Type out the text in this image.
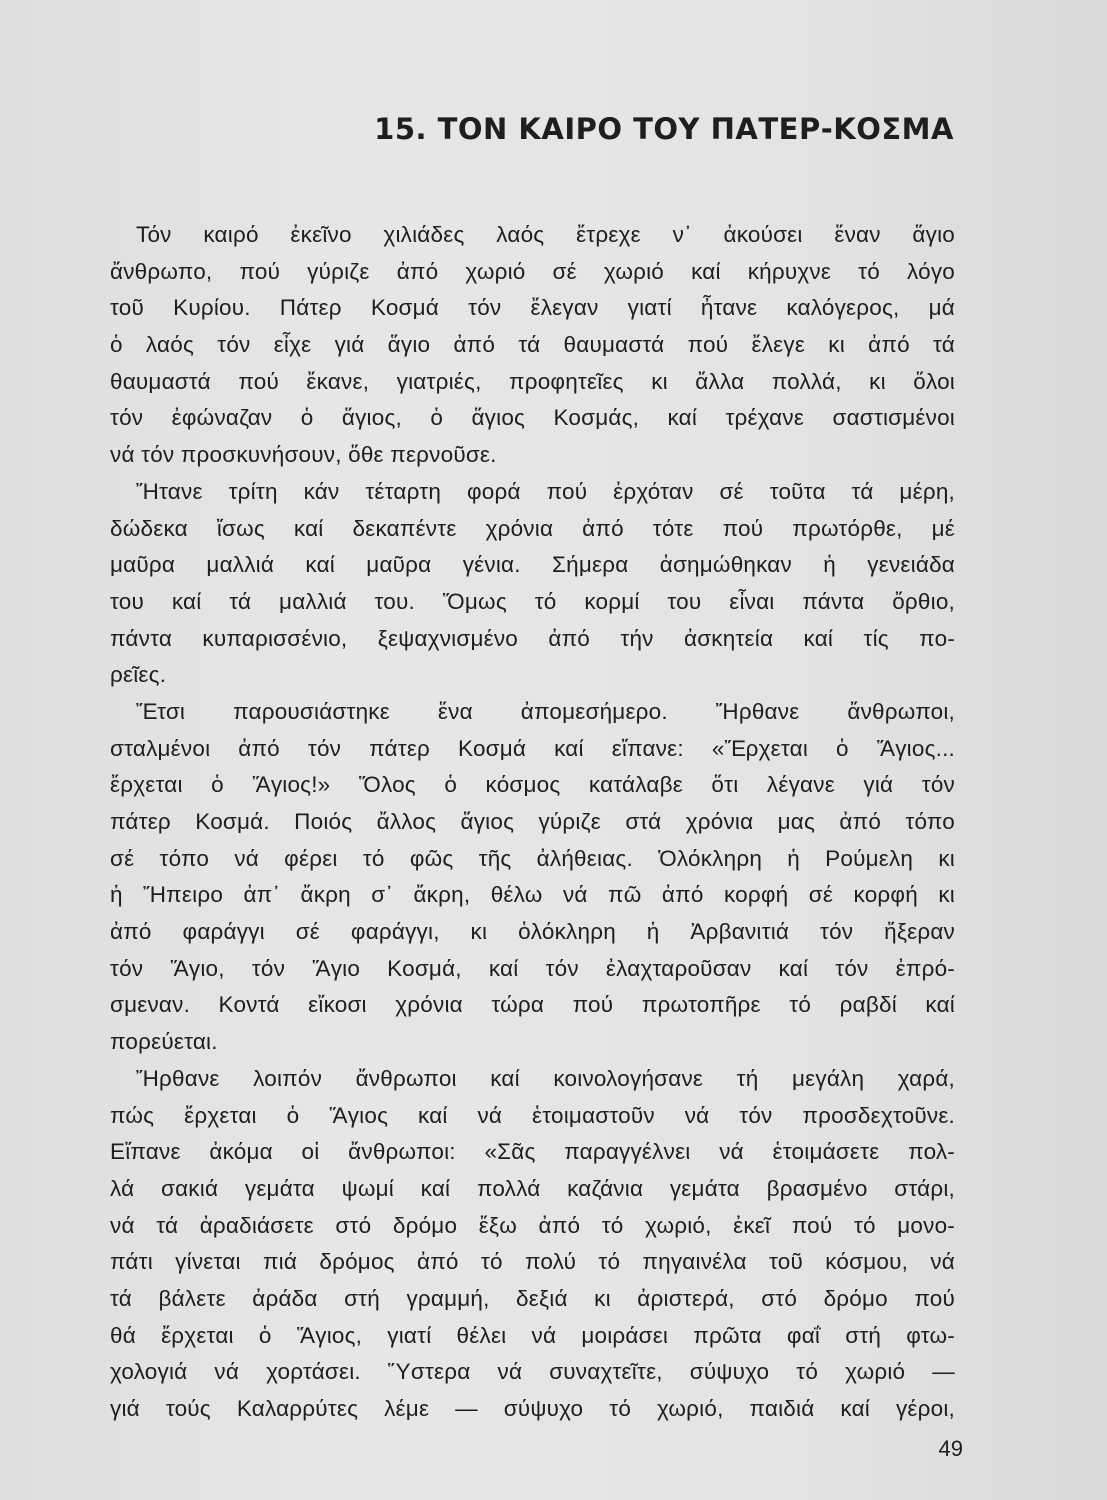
15. ΤΟΝ ΚΑΙΡΟ ΤΟΥ ΠΑΤΕΡ-ΚΟΣΜΑ
Τόν καιρό ἐκεῖνο χιλιάδες λαός ἔτρεχε ν᾽ ἀκούσει ἕναν ἅγιο
ἄνθρωπο, πού γύριζε ἀπό χωριό σέ χωριό καί κήρυχνε τό λόγο
τοῦ Κυρίου. Πάτερ Κοσμά τόν ἔλεγαν γιατί ἦτανε καλόγερος, μά
ὁ λαός τόν εἶχε γιά ἅγιο ἀπό τά θαυμαστά πού ἔλεγε κι ἀπό τά
θαυμαστά πού ἔκανε, γιατριές, προφητεῖες κι ἄλλα πολλά, κι ὅλοι
τόν ἐφώναζαν ὁ ἅγιος, ὁ ἅγιος Κοσμάς, καί τρέχανε σαστισμένοι
νά τόν προσκυνήσουν, ὅθε περνοῦσε.
Ἤτανε τρίτη κάν τέταρτη φορά πού ἐρχόταν σέ τοῦτα τά μέρη,
δώδεκα ἴσως καί δεκαπέντε χρόνια ἀπό τότε πού πρωτόρθε, μέ
μαῦρα μαλλιά καί μαῦρα γένια. Σήμερα ἀσημώθηκαν ἡ γενειάδα
του καί τά μαλλιά του. Ὅμως τό κορμί του εἶναι πάντα ὄρθιο,
πάντα κυπαρισσένιο, ξεψαχνισμένο ἀπό τήν ἀσκητεία καί τίς πο-
ρεῖες.
Ἔτσι παρουσιάστηκε ἕνα ἀπομεσήμερο. Ἤρθανε ἄνθρωποι,
σταλμένοι ἀπό τόν πάτερ Κοσμά καί εἴπανε: «Ἔρχεται ὁ Ἅγιος...
ἔρχεται ὁ Ἅγιος!» Ὅλος ὁ κόσμος κατάλαβε ὅτι λέγανε γιά τόν
πάτερ Κοσμά. Ποιός ἄλλος ἅγιος γύριζε στά χρόνια μας ἀπό τόπο
σέ τόπο νά φέρει τό φῶς τῆς ἀλήθειας. Ὁλόκληρη ἡ Ρούμελη κι
ἡ Ἤπειρο ἀπ᾽ ἄκρη σ᾽ ἄκρη, θέλω νά πῶ ἀπό κορφή σέ κορφή κι
ἀπό φαράγγι σέ φαράγγι, κι ὁλόκληρη ἡ Ἀρβανιτιά τόν ἤξεραν
τόν Ἅγιο, τόν Ἅγιο Κοσμά, καί τόν ἐλαχταροῦσαν καί τόν ἐπρό-
σμεναν. Κοντά εἴκοσι χρόνια τώρα πού πρωτοπῆρε τό ραβδί καί
πορεύεται.
Ἤρθανε λοιπόν ἄνθρωποι καί κοινολογήσανε τή μεγάλη χαρά,
πώς ἔρχεται ὁ Ἅγιος καί νά ἑτοιμαστοῦν νά τόν προσδεχτοῦνε.
Εἴπανε ἀκόμα οἱ ἄνθρωποι: «Σᾶς παραγγέλνει νά ἑτοιμάσετε πολ-
λά σακιά γεμάτα ψωμί καί πολλά καζάνια γεμάτα βρασμένο στάρι,
νά τά ἀραδιάσετε στό δρόμο ἔξω ἀπό τό χωριό, ἐκεῖ πού τό μονο-
πάτι γίνεται πιά δρόμος ἀπό τό πολύ τό πηγαινέλα τοῦ κόσμου, νά
τά βάλετε ἀράδα στή γραμμή, δεξιά κι ἀριστερά, στό δρόμο πού
θά ἔρχεται ὁ Ἅγιος, γιατί θέλει νά μοιράσει πρῶτα φαΐ στή φτω-
χολογιά νά χορτάσει. Ὕστερα νά συναχτεῖτε, σύψυχο τό χωριό —
γιά τούς Καλαρρύτες λέμε — σύψυχο τό χωριό, παιδιά καί γέροι,
49
